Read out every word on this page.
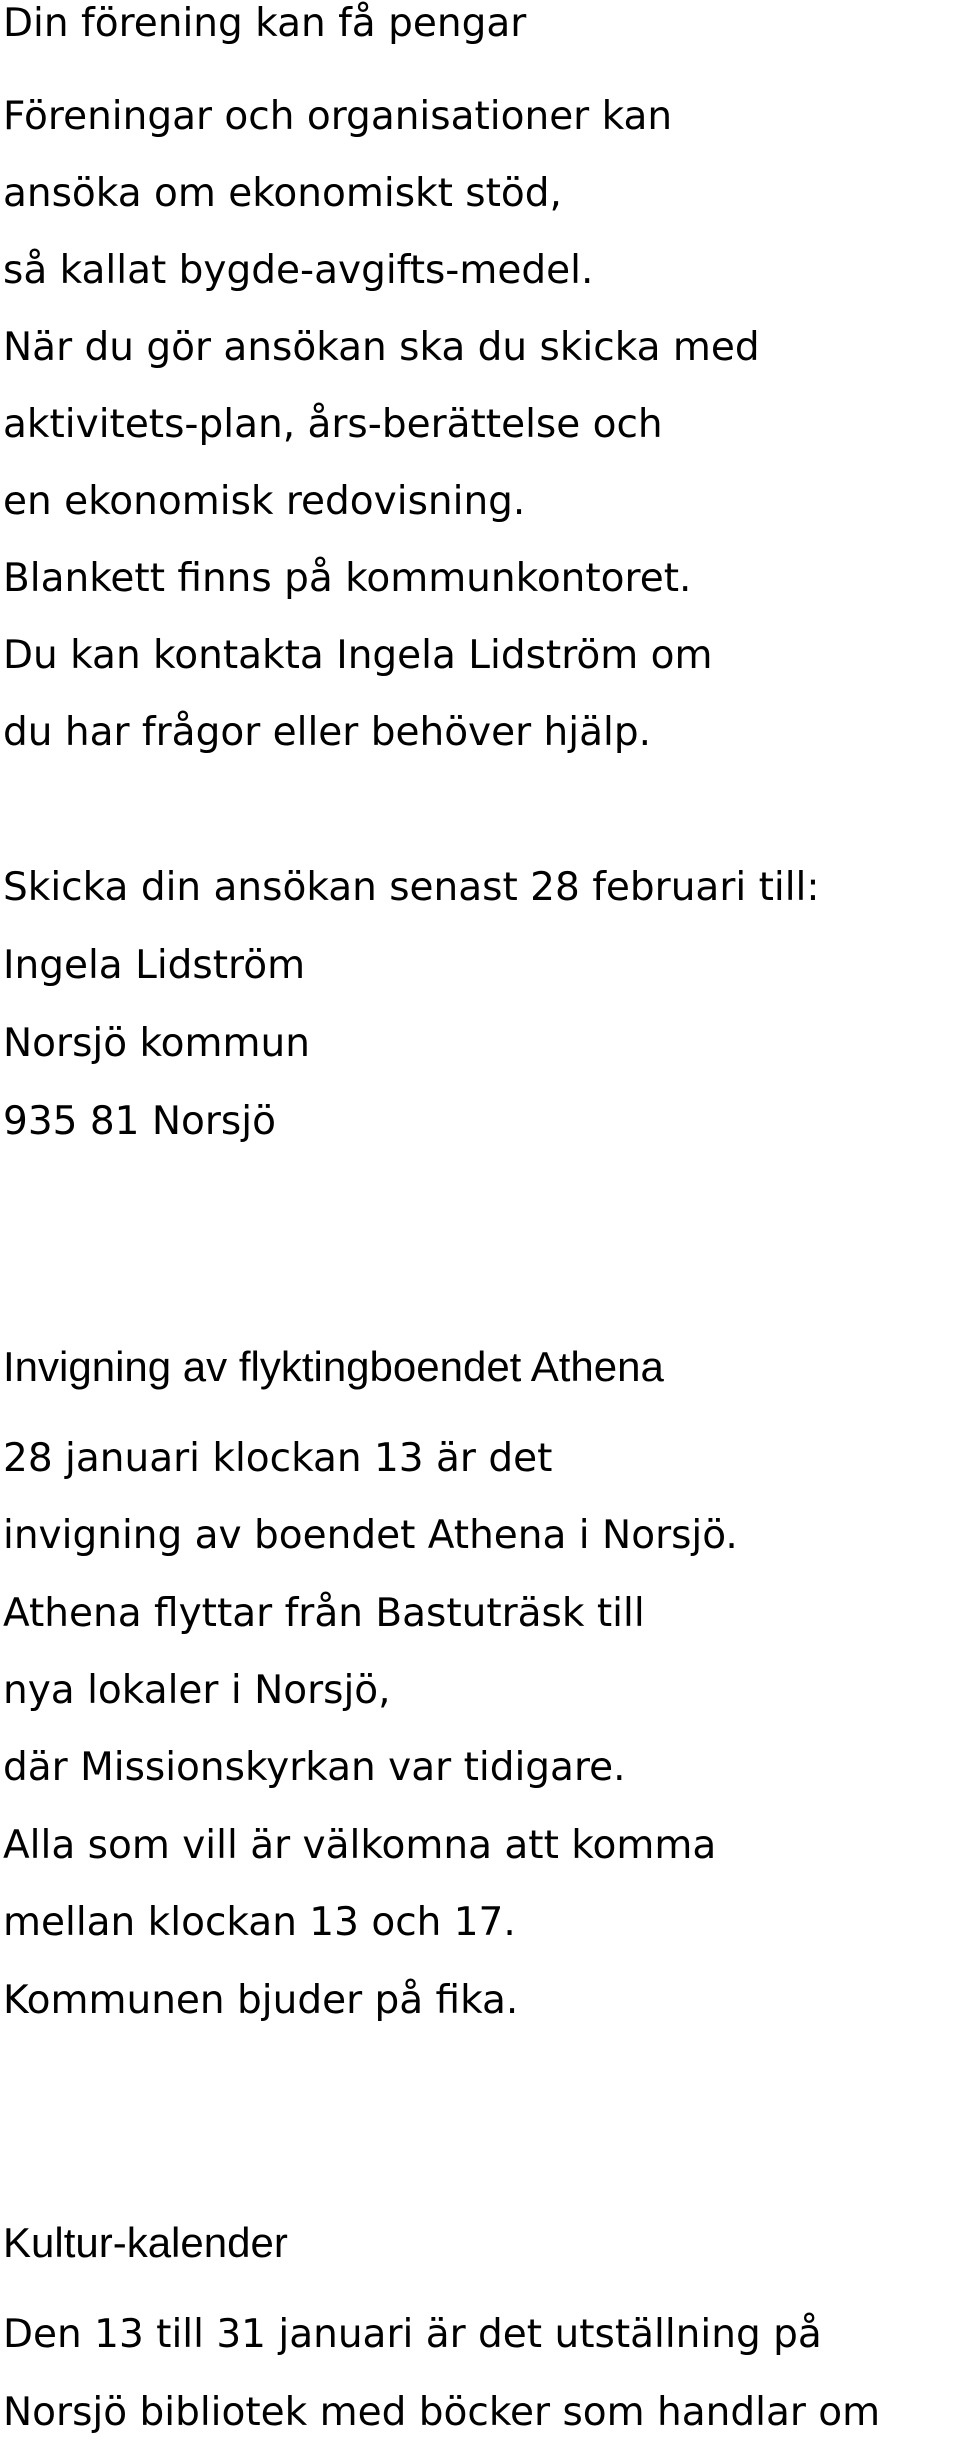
Din förening kan få pengar
Föreningar och organisationer kan
ansöka om ekonomiskt stöd,
så kallat bygde-avgifts-medel.
När du gör ansökan ska du skicka med
aktivitets-plan, års-berättelse och
en ekonomisk redovisning.
Blankett finns på kommunkontoret.
Du kan kontakta Ingela Lidström om
du har frågor eller behöver hjälp.
Skicka din ansökan senast 28 februari till:
Ingela Lidström
Norsjö kommun
935 81 Norsjö
Invigning av flyktingboendet Athena
28 januari klockan 13 är det
invigning av boendet Athena i Norsjö.
Athena flyttar från Bastuträsk till
nya lokaler i Norsjö,
där Missionskyrkan var tidigare.
Alla som vill är välkomna att komma
mellan klockan 13 och 17.
Kommunen bjuder på fika.
Kultur-kalender
Den 13 till 31 januari är det utställning på
Norsjö bibliotek med böcker som handlar om
